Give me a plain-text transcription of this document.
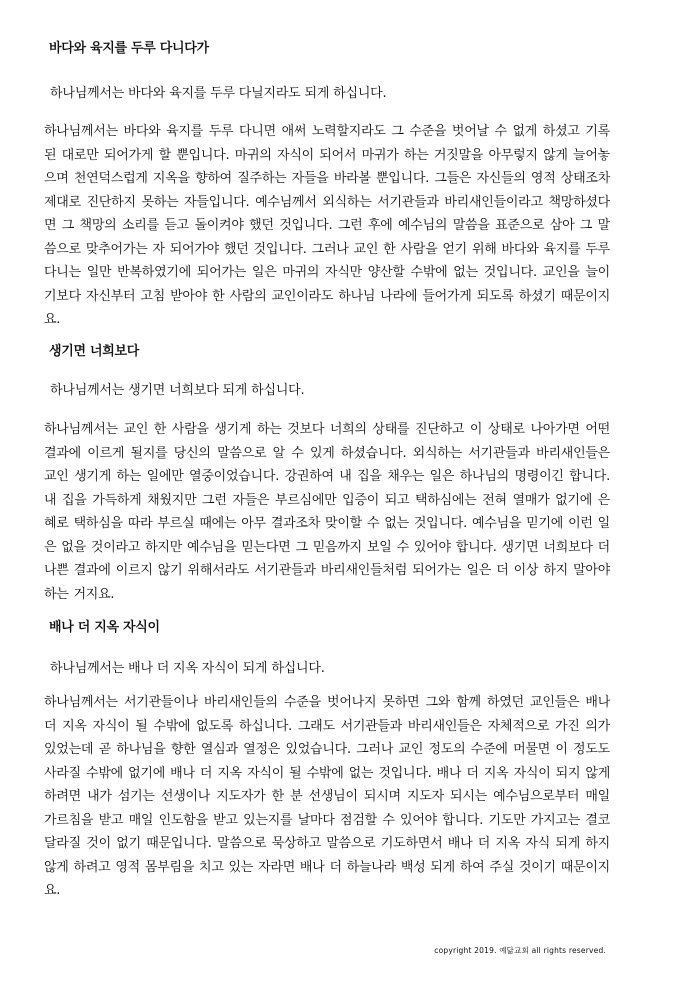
바다와 육지를 두루 다니다가
하나님께서는 바다와 육지를 두루 다닐지라도 되게 하십니다.
하나님께서는 바다와 육지를 두루 다니면 애써 노력할지라도 그 수준을 벗어날 수 없게 하셨고 기록된 대로만 되어가게 할 뿐입니다. 마귀의 자식이 되어서 마귀가 하는 거짓말을 아무렇지 않게 늘어놓으며 천연덕스럽게 지옥을 향하여 질주하는 자들을 바라볼 뿐입니다. 그들은 자신들의 영적 상태조차 제대로 진단하지 못하는 자들입니다. 예수님께서 외식하는 서기관들과 바리새인들이라고 책망하셨다면 그 책망의 소리를 듣고 돌이켜야 했던 것입니다. 그런 후에 예수님의 말씀을 표준으로 삼아 그 말씀으로 맞추어가는 자 되어가야 했던 것입니다. 그러나 교인 한 사람을 얻기 위해 바다와 육지를 두루 다니는 일만 반복하였기에 되어가는 일은 마귀의 자식만 양산할 수밖에 없는 것입니다. 교인을 늘이기보다 자신부터 고침 받아야 한 사람의 교인이라도 하나님 나라에 들어가게 되도록 하셨기 때문이지요.
생기면 너희보다
하나님께서는 생기면 너희보다 되게 하십니다.
하나님께서는 교인 한 사람을 생기게 하는 것보다 너희의 상태를 진단하고 이 상태로 나아가면 어떤 결과에 이르게 될지를 당신의 말씀으로 알 수 있게 하셨습니다. 외식하는 서기관들과 바리새인들은 교인 생기게 하는 일에만 열중이었습니다. 강권하여 내 집을 채우는 일은 하나님의 명령이긴 합니다. 내 집을 가득하게 채웠지만 그런 자들은 부르심에만 입증이 되고 택하심에는 전혀 열매가 없기에 은혜로 택하심을 따라 부르실 때에는 아무 결과조차 맞이할 수 없는 것입니다. 예수님을 믿기에 이런 일은 없을 것이라고 하지만 예수님을 믿는다면 그 믿음까지 보일 수 있어야 합니다. 생기면 너희보다 더 나쁜 결과에 이르지 않기 위해서라도 서기관들과 바리새인들처럼 되어가는 일은 더 이상 하지 말아야 하는 거지요.
배나 더 지옥 자식이
하나님께서는 배나 더 지옥 자식이 되게 하십니다.
하나님께서는 서기관들이나 바리새인들의 수준을 벗어나지 못하면 그와 함께 하였던 교인들은 배나 더 지옥 자식이 될 수밖에 없도록 하십니다. 그래도 서기관들과 바리새인들은 자체적으로 가진 의가 있었는데 곧 하나님을 향한 열심과 열정은 있었습니다. 그러나 교인 정도의 수준에 머물면 이 정도도 사라질 수밖에 없기에 배나 더 지옥 자식이 될 수밖에 없는 것입니다. 배나 더 지옥 자식이 되지 않게 하려면 내가 섬기는 선생이나 지도자가 한 분 선생님이 되시며 지도자 되시는 예수님으로부터 매일 가르침을 받고 매일 인도함을 받고 있는지를 날마다 점검할 수 있어야 합니다. 기도만 가지고는 결코 달라질 것이 없기 때문입니다. 말씀으로 묵상하고 말씀으로 기도하면서 배나 더 지옥 자식 되게 하지 않게 하려고 영적 몸부림을 치고 있는 자라면 배나 더 하늘나라 백성 되게 하여 주실 것이기 때문이지요.
copyright 2019. 예닮교회 all rights reserved.
